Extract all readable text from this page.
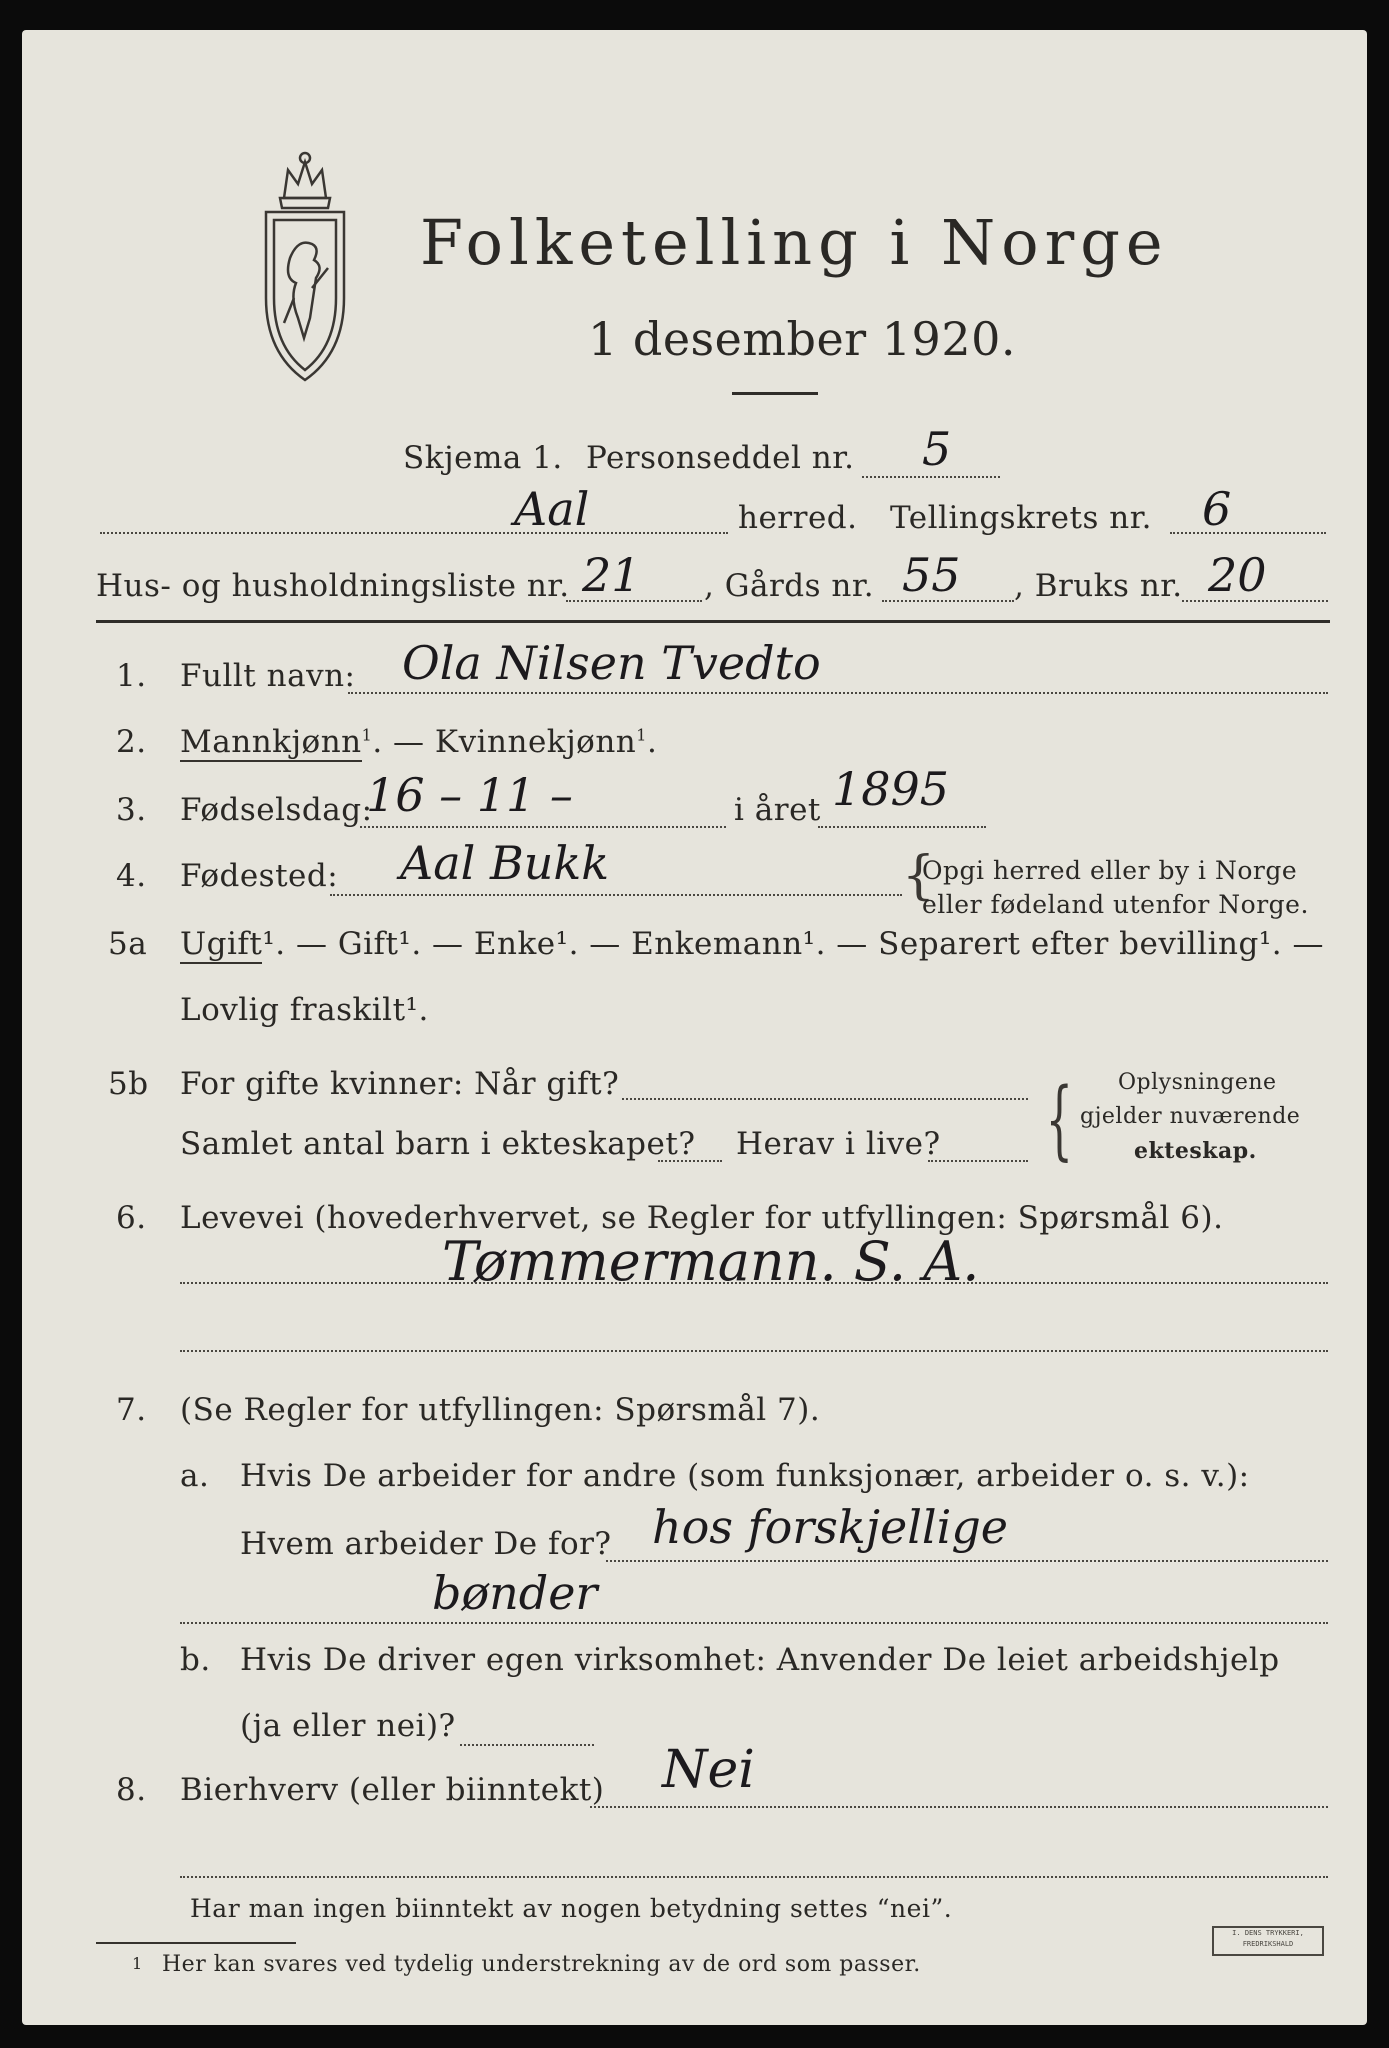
Folketelling i Norge
1 desember 1920.
Skjema 1. Personseddel nr. 5
Aal	herred. Tellingskrets nr. 6
Hus- og husholdningsliste nr. 21 , Gårds nr. 55 , Bruks nr. 20
1. Fullt navn: Ola Nilsen Tvedto
2. Mannkjønn$^1$. — Kvinnekjønn$^1$.
3. Fødselsdag:
16 – 11 –	i året 1895
4. Fødested: Aal Bukk	{
Opgi herred eller by i Norge
eller fødeland utenfor Norge.
5a Ugift¹. — Gift¹. — Enke¹. — Enkemann¹. — Separert efter bevilling¹. —
Lovlig fraskilt¹.
5b For gifte kvinner: Når gift?
Samlet antal barn i ekteskapet? Herav i live? { Oplysningene
gjelder nuværende
ekteskap.
6. Levevei (hovederhvervet, se Regler for utfyllingen: Spørsmål 6).
Tømmermann. S. A.
7. (Se Regler for utfyllingen: Spørsmål 7).
a. Hvis De arbeider for andre (som funksjonær, arbeider o. s. v.):
Hvem arbeider De for? hos forskjellige
bønder
b. Hvis De driver egen virksomhet: Anvender De leiet arbeidshjelp
(ja eller nei)?
8. Bierhverv (eller biinntekt) Nei
Har man ingen biinntekt av nogen betydning settes “nei”.
1 Her kan svares ved tydelig understrekning av de ord som passer.
I. DENS TRYKKERI, FREDRIKSHALD
